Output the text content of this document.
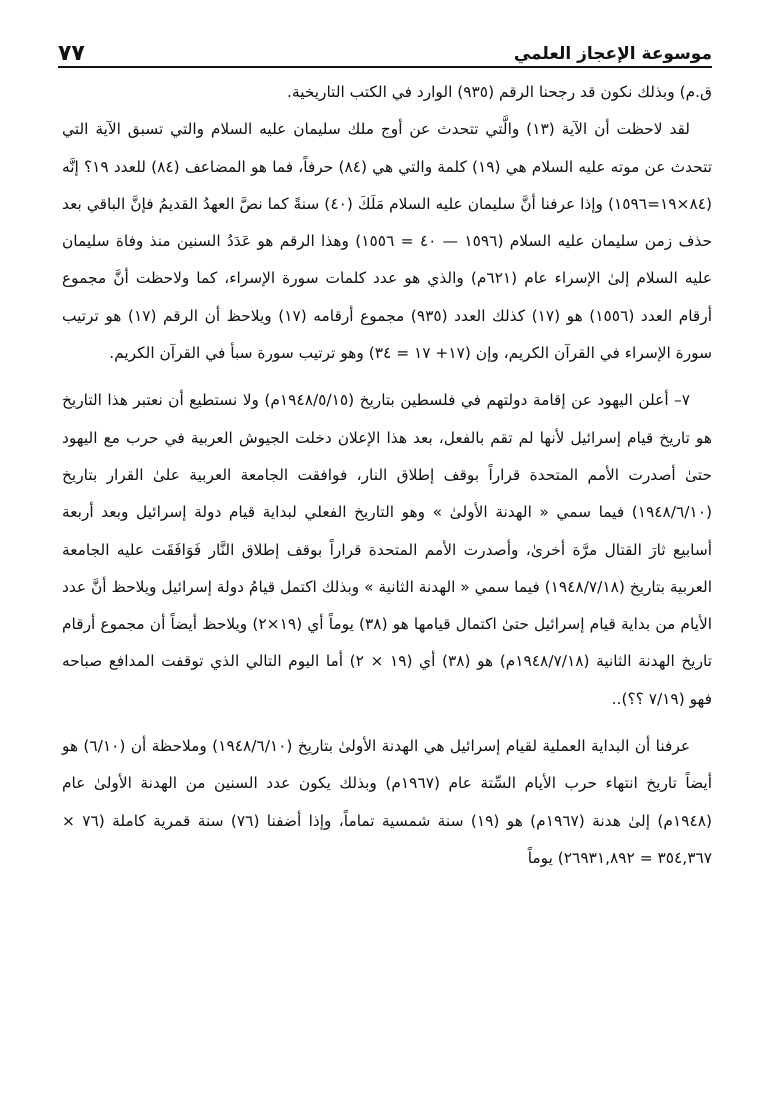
موسوعة الإعجاز العلمي
٧٧

ق.م) وبذلك نكون قد رجحنا الرقم (٩٣٥) الوارد في الكتب التاريخية.

لقد لاحظت أن الآية (١٣) والَّتي تتحدث عن أوج ملك سليمان عليه السلام والتي تسبق الآية التي تتحدث عن موته عليه السلام هي (١٩) كلمة والتي هي (٨٤) حرفاً، فما هو المضاعف (٨٤) للعدد ١٩؟ إنَّه (٨٤×١٩=١٥٩٦) وإذا عرفنا أنَّ سليمان عليه السلام مَلَكَ (٤٠) سنةً كما نصَّ العهدُ القديمُ فإنَّ الباقي بعد حذف زمن سليمان عليه السلام (١٥٩٦ — ٤٠ = ١٥٥٦) وهذا الرقم هو عَدَدُ السنين منذ وفاة سليمان عليه السلام إلىٰ الإسراء عام (٦٢١م) والذي هو عدد كلمات سورة الإسراء، كما ولاحظت أنَّ مجموع أرقام العدد (١٥٥٦) هو (١٧) كذلك العدد (٩٣٥) مجموع أرقامه (١٧) ويلاحظ أن الرقم (١٧) هو ترتيب سورة الإسراء في القرآن الكريم، وإن (١٧+ ١٧ = ٣٤) وهو ترتيب سورة سبأ في القرآن الكريم.

٧– أعلن اليهود عن إقامة دولتهم في فلسطين بتاريخ (١٩٤٨/٥/١٥م) ولا نستطيع أن نعتبر هذا التاريخ هو تاريخ قيام إسرائيل لأنها لم تقم بالفعل، بعد هذا الإعلان دخلت الجيوش العربية في حرب مع اليهود حتىٰ أصدرت الأمم المتحدة قراراً بوقف إطلاق النار، فوافقت الجامعة العربية علىٰ القرار بتاريخ (١٩٤٨/٦/١٠) فيما سمي « الهدنة الأولىٰ » وهو التاريخ الفعلي لبداية قيام دولة إسرائيل وبعد أربعة أسابيع ثارَ القتال مرَّة أخرىٰ، وأصدرت الأمم المتحدة قراراً بوقف إطلاق النَّار فَوَافَقَت عليه الجامعة العربية بتاريخ (١٩٤٨/٧/١٨) فيما سمي « الهدنة الثانية » وبذلك اكتمل قيامُ دولة إسرائيل ويلاحظ أنَّ عدد الأيام من بداية قيام إسرائيل حتىٰ اكتمال قيامها هو (٣٨) يوماً أي (١٩×٢) ويلاحظ أيضاً أن مجموع أرقام تاريخ الهدنة الثانية (١٩٤٨/٧/١٨م) هو (٣٨) أي (١٩ × ٢) أما اليوم التالي الذي توقفت المدافع صباحه فهو (٧/١٩ ؟؟)..

عرفنا أن البداية العملية لقيام إسرائيل هي الهدنة الأولىٰ بتاريخ (١٩٤٨/٦/١٠) وملاحظة أن (٦/١٠) هو أيضاً تاريخ انتهاء حرب الأيام السِّتة عام (١٩٦٧م) وبذلك يكون عدد السنين من الهدنة الأولىٰ عام (١٩٤٨م) إلىٰ هدنة (١٩٦٧م) هو (١٩) سنة شمسية تماماً، وإذا أضفنا (٧٦) سنة قمرية كاملة (٧٦ × ٣٥٤,٣٦٧ = ٢٦٩٣١,٨٩٢) يوماً
